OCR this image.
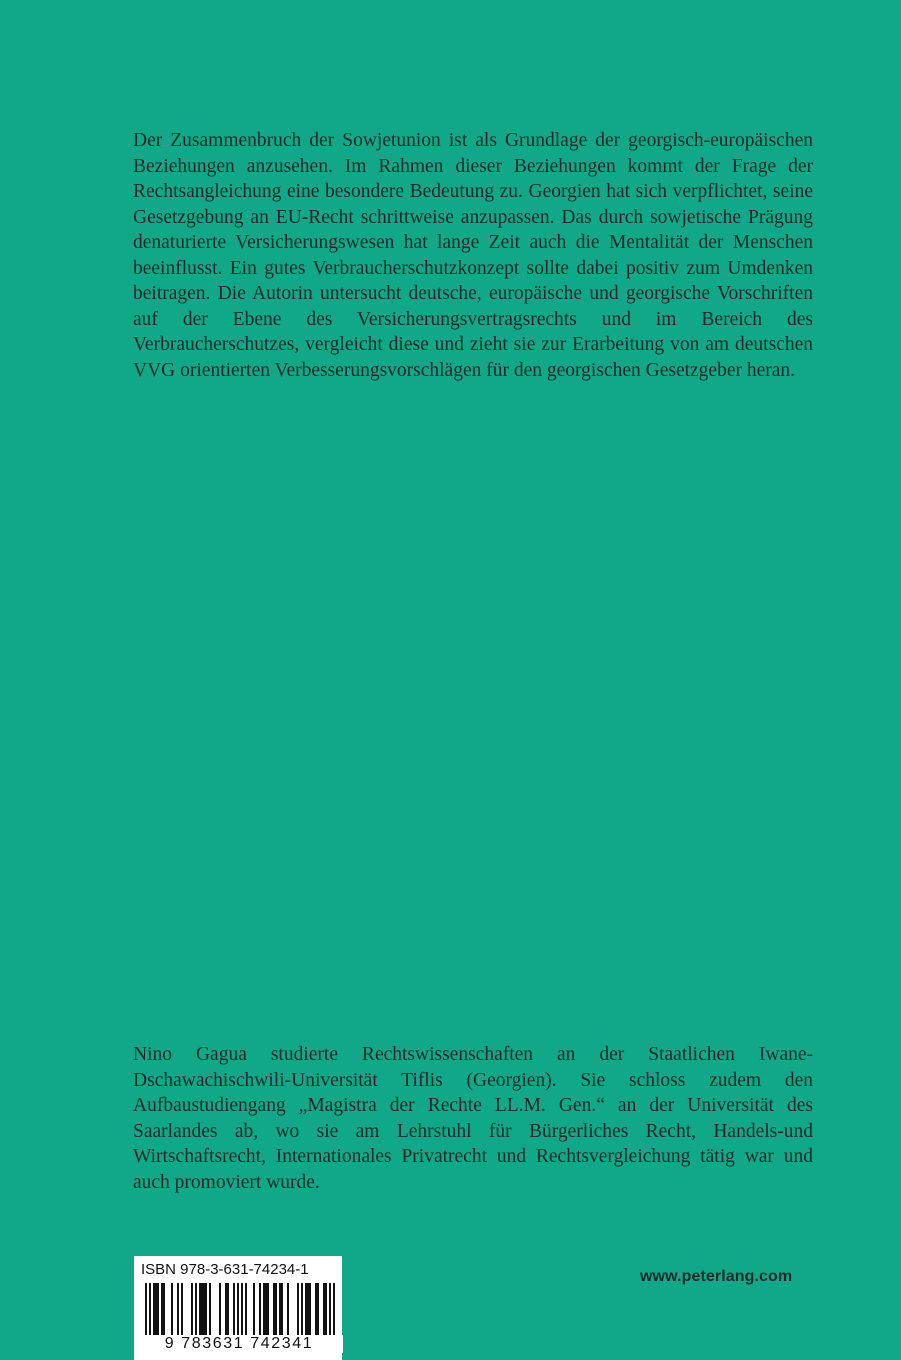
Der Zusammenbruch der Sowjetunion ist als Grundlage der georgisch-europäischen Beziehungen anzusehen. Im Rahmen dieser Beziehungen kommt der Frage der Rechtsangleichung eine besondere Bedeutung zu. Georgien hat sich verpflichtet, seine Gesetzgebung an EU-Recht schrittweise anzupassen. Das durch sowjetische Prägung denaturierte Versicherungswesen hat lange Zeit auch die Mentalität der Menschen beeinflusst. Ein gutes Verbraucherschutzkonzept sollte dabei positiv zum Umdenken beitragen. Die Autorin untersucht deutsche, europäische und georgische Vorschriften auf der Ebene des Versicherungsvertragsrechts und im Bereich des Verbraucherschutzes, vergleicht diese und zieht sie zur Erarbeitung von am deutschen VVG orientierten Verbesserungsvorschlägen für den georgischen Gesetzgeber heran.

Nino Gagua studierte Rechtswissenschaften an der Staatlichen Iwane-Dschawachischwili-Universität Tiflis (Georgien). Sie schloss zudem den Aufbaustudiengang „Magistra der Rechte LL.M. Gen.“ an der Universität des Saarlandes ab, wo sie am Lehrstuhl für Bürgerliches Recht, Handels-und Wirtschaftsrecht, Internationales Privatrecht und Rechtsvergleichung tätig war und auch promoviert wurde.

ISBN 978-3-631-74234-1
9 783631 742341
www.peterlang.com
